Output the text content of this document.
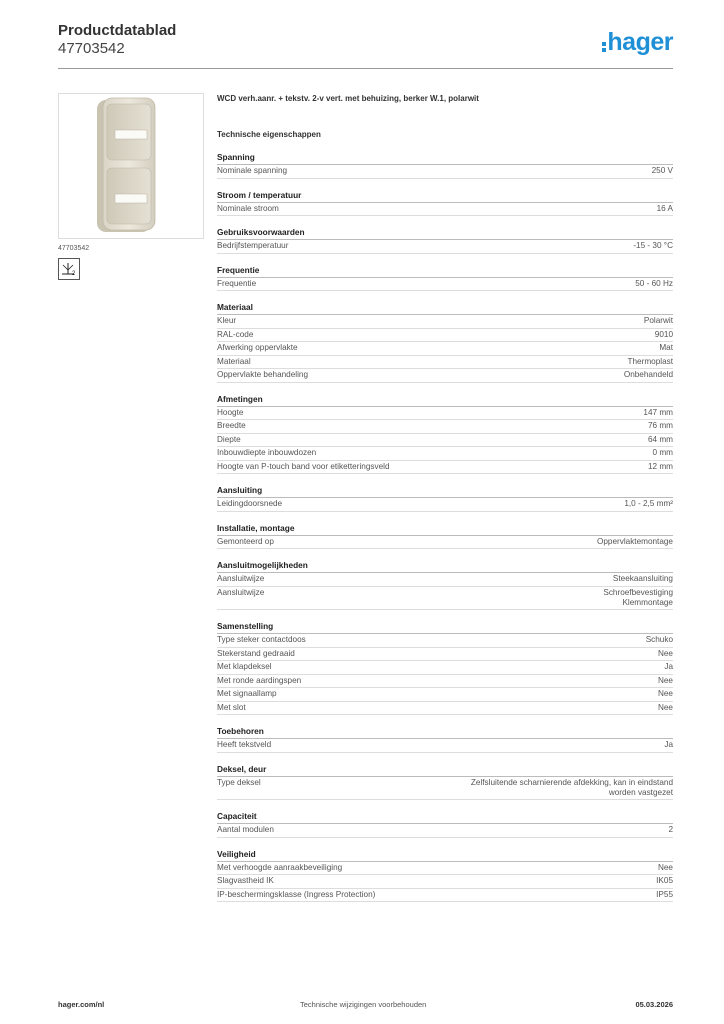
Productdatablad
47703542	hager
47703542
2
WCD verh.aanr. + tekstv. 2-v vert. met behuizing, berker W.1, polarwit
Technische eigenschappen
Spanning
Nominale spanning	250 V
Stroom / temperatuur
Nominale stroom	16 A
Gebruiksvoorwaarden
Bedrijfstemperatuur	-15 - 30 °C
Frequentie
Frequentie	50 - 60 Hz
Materiaal
Kleur	Polarwit
RAL-code	9010
Afwerking oppervlakte	Mat
Materiaal	Thermoplast
Oppervlakte behandeling	Onbehandeld
Afmetingen
Hoogte	147 mm
Breedte	76 mm
Diepte	64 mm
Inbouwdiepte inbouwdozen	0 mm
Hoogte van P-touch band voor etiketteringsveld	12 mm
Aansluiting
Leidingdoorsnede	1,0 - 2,5 mm²
Installatie, montage
Gemonteerd op	Oppervlaktemontage
Aansluitmogelijkheden
Aansluitwijze	Steekaansluiting
Aansluitwijze	Schroefbevestiging
Klemmontage
Samenstelling
Type steker contactdoos	Schuko
Stekerstand gedraaid	Nee
Met klapdeksel	Ja
Met ronde aardingspen	Nee
Met signaallamp	Nee
Met slot	Nee
Toebehoren
Heeft tekstveld	Ja
Deksel, deur
Type deksel	Zelfsluitende scharnierende afdekking, kan in eindstand
worden vastgezet
Capaciteit
Aantal modulen	2
Veiligheid
Met verhoogde aanraakbeveiliging	Nee
Slagvastheid IK	IK05
IP-beschermingsklasse (Ingress Protection)	IP55
hager.com/nl	Technische wijzigingen voorbehouden	05.03.2026
